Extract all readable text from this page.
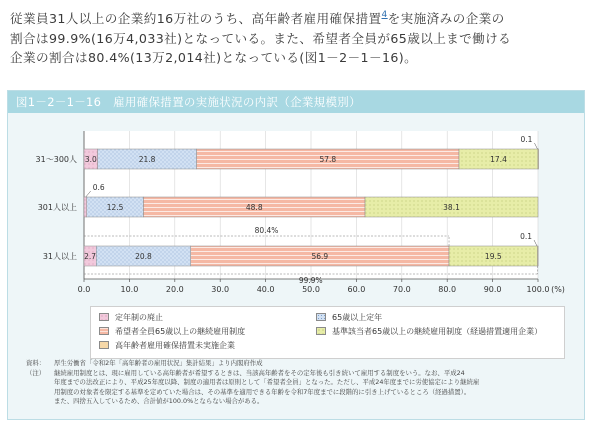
従業員31人以上の企業約16万社のうち、高年齢者雇用確保措置$^4$を実施済みの企業の
割合は99.9%(16万4,033社)となっている。また、希望者全員が65歳以上まで働ける
企業の割合は80.4%(13万2,014社)となっている(図1－2－1－16)。
図1－2－1－16　雇用確保措置の実施状況の内訳（企業規模別）
0.0	10.0	20.0	30.0	40.0	50.0	60.0	70.0	80.0	90.0	100.0 (%)
31～300人 3.0	21.8	57.8	17.4
0.1
301人以上
0.6
12.5	48.8	38.1
31人以上 2.7	20.8	56.9	19.5
0.1
80.4%
99.9%
定年制の廃止	65歳以上定年
希望者全員65歳以上の継続雇用制度	基準該当者65歳以上の継続雇用制度（経過措置適用企業）
高年齢者雇用確保措置未実施企業
資料： 厚生労働省「令和2年「高年齢者の雇用状況」集計結果」より内閣府作成
（注） 継続雇用制度とは、現に雇用している高年齢者が希望するときは、当該高年齢者をその定年後も引き続いて雇用する制度をいう。なお、平成24
年度までの法改正により、平成25年度以降、制度の適用者は原則として「希望者全員」となった。ただし、平成24年度までに労使協定により継続雇
用制度の対象者を限定する基準を定めていた場合は、その基準を適用できる年齢を令和7年度までに段階的に引き上げているところ（経過措置）。
また、四捨五入しているため、合計値が100.0%とならない場合がある。
